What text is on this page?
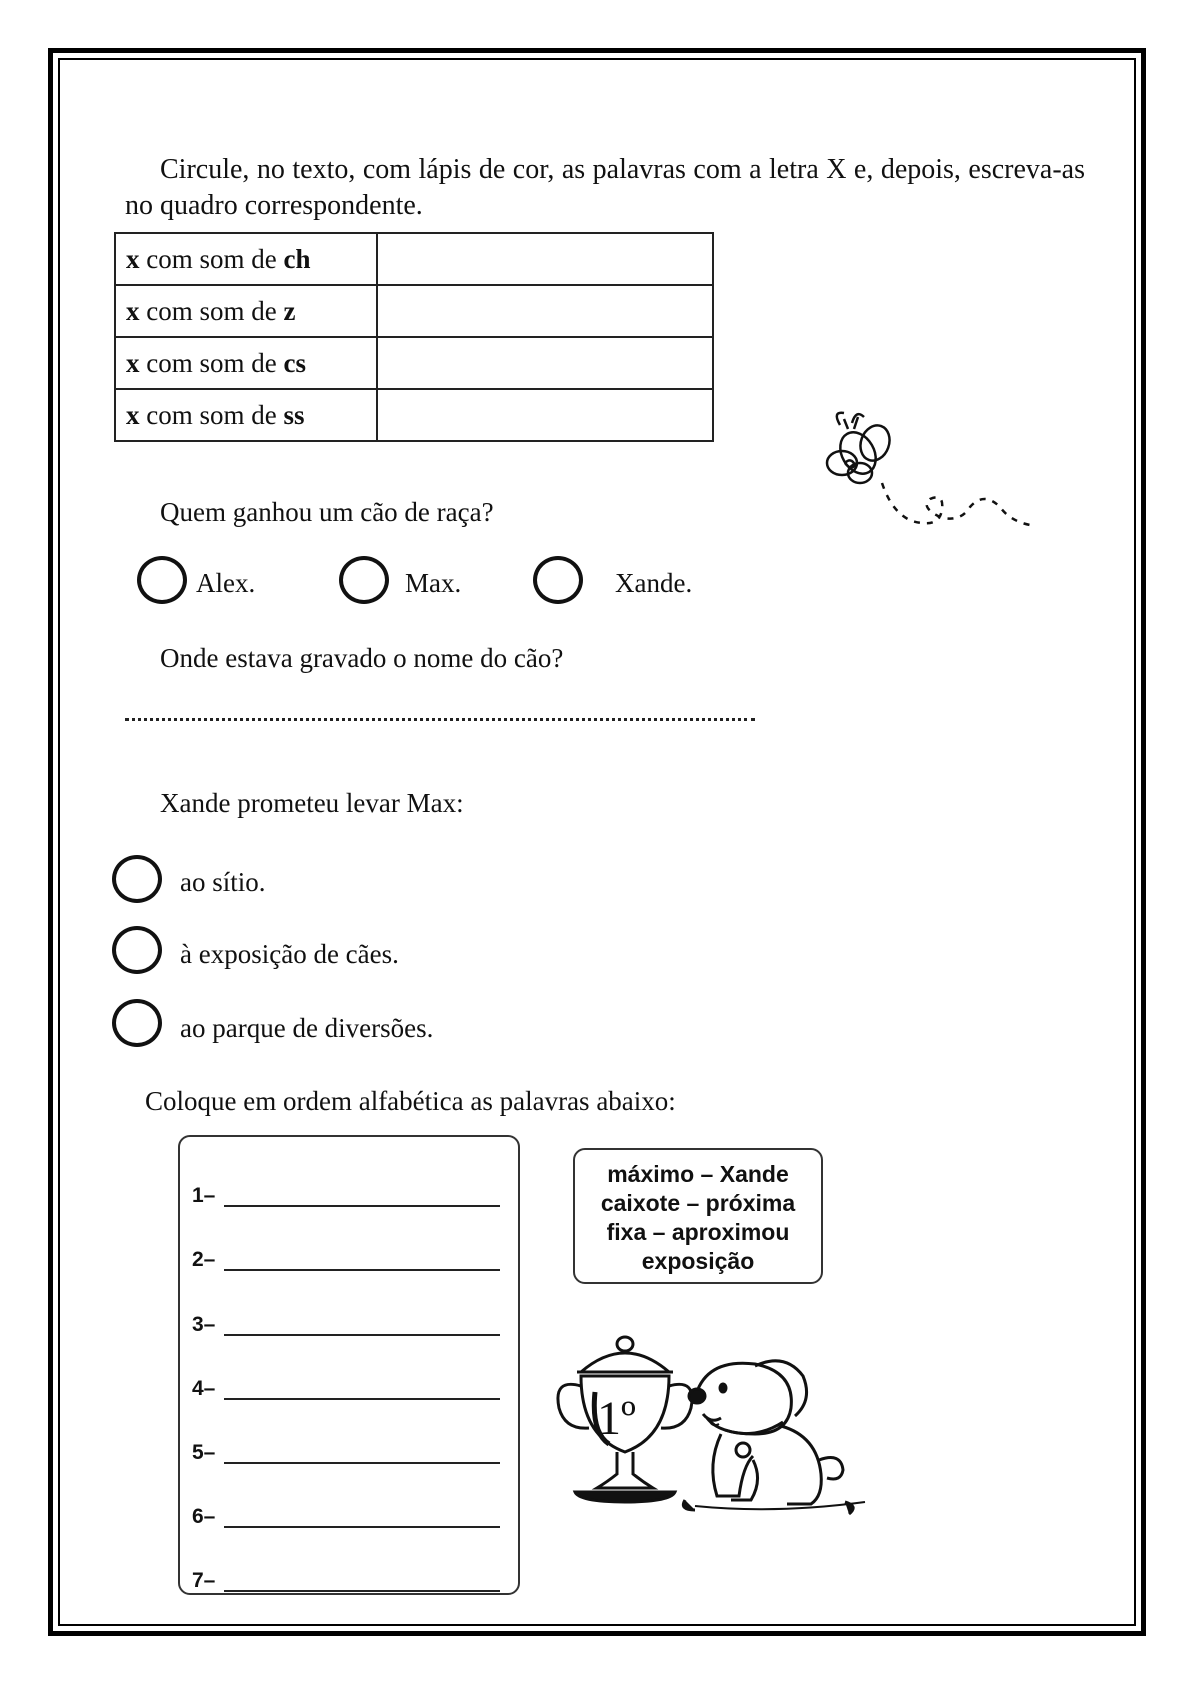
Circule, no texto, com lápis de cor, as palavras com a letra X e, depois, escreva-as no quadro correspondente.

x com som de ch	
x com som de z	
x com som de cs	
x com som de ss	
Quem ganhou um cão de raça?
Alex.	Max.	Xande.
Onde estava gravado o nome do cão?
Xande prometeu levar Max:
ao sítio.
à exposição de cães.
ao parque de diversões.
Coloque em ordem alfabética as palavras abaixo:
1–
2–
3–
4–
5–
6–
7–
máximo – Xande
caixote – próxima
fixa – aproximou
exposição
1º
